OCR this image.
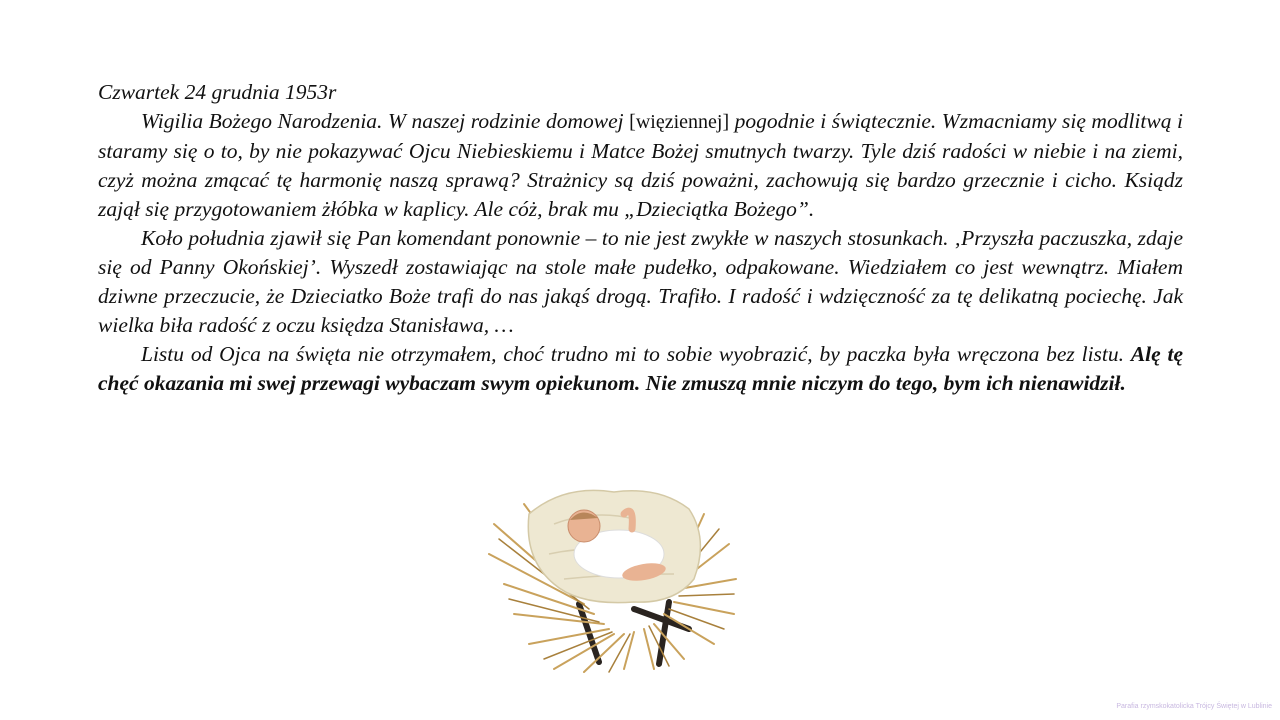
Czwartek 24 grudnia 1953r

Wigilia Bożego Narodzenia. W naszej rodzinie domowej [więziennej] pogodnie i świątecznie. Wzmacniamy się modlitwą i staramy się o to, by nie pokazywać Ojcu Niebieskiemu i Matce Bożej smutnych twarzy. Tyle dziś radości w niebie i na ziemi, czyż można zmącać tę harmonię naszą sprawą? Strażnicy są dziś poważni, zachowują się bardzo grzecznie i cicho. Ksiądz zajął się przygotowaniem żłóbka w kaplicy. Ale cóż, brak mu „Dzieciątka Bożego”.

Koło południa zjawił się Pan komendant ponownie – to nie jest zwykłe w naszych stosunkach. ‚Przyszła paczuszka, zdaje się od Panny Okońskiej’. Wyszedł zostawiając na stole małe pudełko, odpakowane. Wiedziałem co jest wewnątrz. Miałem dziwne przeczucie, że Dzieciatko Boże trafi do nas jakąś drogą. Trafiło. I radość i wdzięczność za tę delikatną pociechę. Jak wielka biła radość z oczu księdza Stanisława, …

Listu od Ojca na święta nie otrzymałem, choć trudno mi to sobie wyobrazić, by paczka była wręczona bez listu. Alę tę chęć okazania mi swej przewagi wybaczam swym opiekunom. Nie zmuszą mnie niczym do tego, bym ich nienawidził.

Parafia rzymskokatolicka Trójcy Świętej w Lublinie
